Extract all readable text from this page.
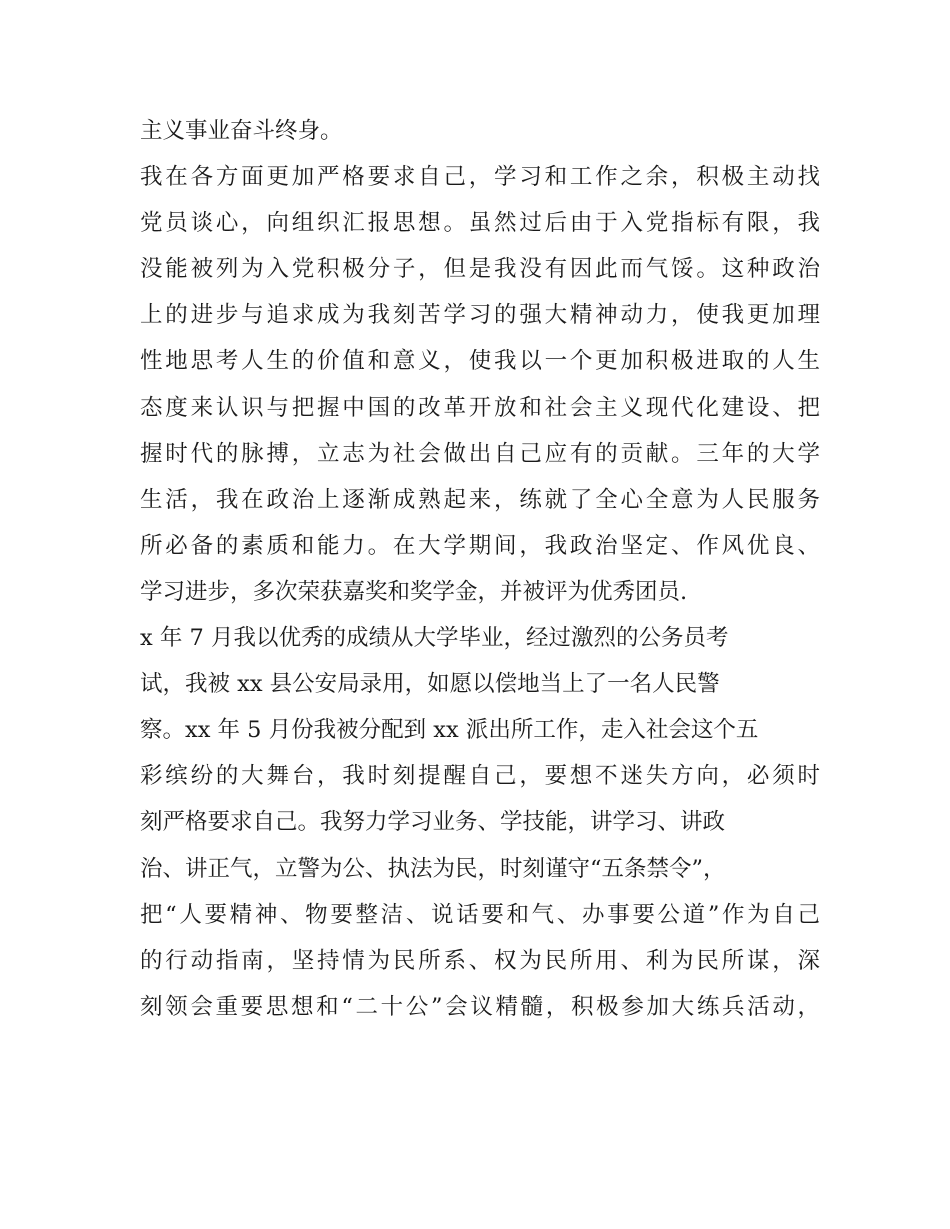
主义事业奋斗终身。
我在各方面更加严格要求自己，学习和工作之余，积极主动找
党员谈心，向组织汇报思想。虽然过后由于入党指标有限，我
没能被列为入党积极分子，但是我没有因此而气馁。这种政治
上的进步与追求成为我刻苦学习的强大精神动力，使我更加理
性地思考人生的价值和意义，使我以一个更加积极进取的人生
态度来认识与把握中国的改革开放和社会主义现代化建设、把
握时代的脉搏，立志为社会做出自己应有的贡献。三年的大学
生活，我在政治上逐渐成熟起来，练就了全心全意为人民服务
所必备的素质和能力。在大学期间，我政治坚定、作风优良、
学习进步，多次荣获嘉奖和奖学金，并被评为优秀团员.
x 年 7 月我以优秀的成绩从大学毕业，经过激烈的公务员考
试，我被 xx 县公安局录用，如愿以偿地当上了一名人民警
察。xx 年 5 月份我被分配到 xx 派出所工作，走入社会这个五
彩缤纷的大舞台，我时刻提醒自己，要想不迷失方向，必须时
刻严格要求自己。我努力学习业务、学技能，讲学习、讲政
治、讲正气，立警为公、执法为民，时刻谨守“五条禁令”，
把“人要精神、物要整洁、说话要和气、办事要公道”作为自己
的行动指南，坚持情为民所系、权为民所用、利为民所谋，深
刻领会重要思想和“二十公”会议精髓，积极参加大练兵活动，
